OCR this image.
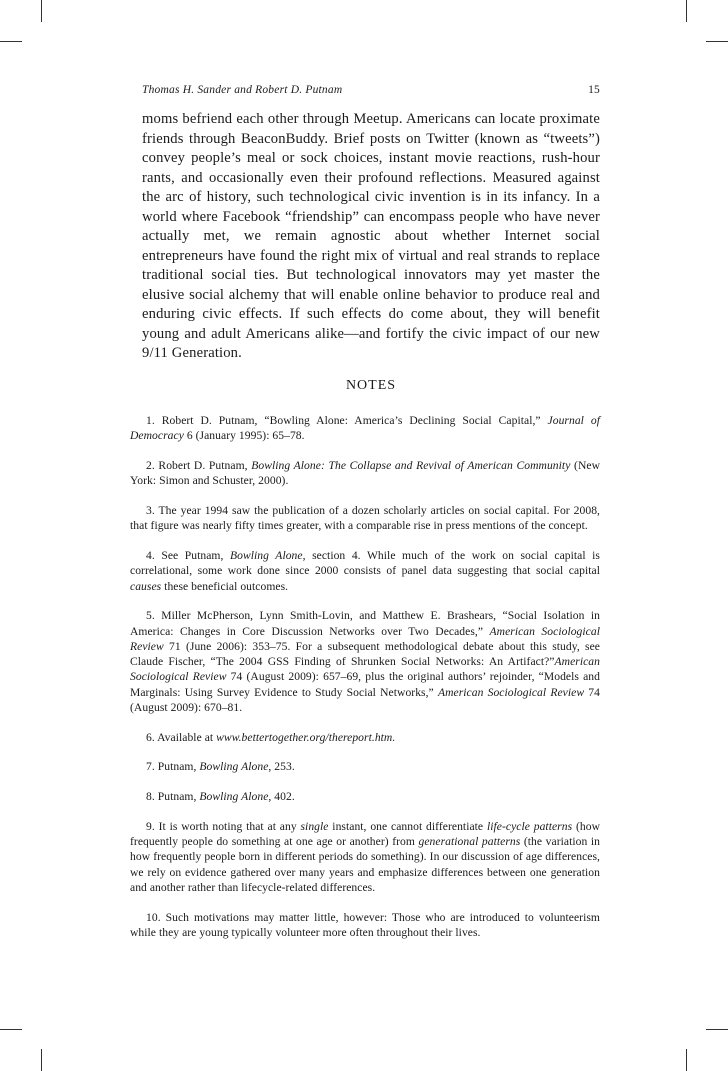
Thomas H. Sander and Robert D. Putnam	15

moms befriend each other through Meetup. Americans can locate proximate friends through BeaconBuddy. Brief posts on Twitter (known as “tweets”) convey people’s meal or sock choices, instant movie reactions, rush-hour rants, and occasionally even their profound reflections. Measured against the arc of history, such technological civic invention is in its infancy. In a world where Facebook “friendship” can encompass people who have never actually met, we remain agnostic about whether Internet social entrepreneurs have found the right mix of virtual and real strands to replace traditional social ties. But technological innovators may yet master the elusive social alchemy that will enable online behavior to produce real and enduring civic effects. If such effects do come about, they will benefit young and adult Americans alike—and fortify the civic impact of our new 9/11 Generation.

NOTES

1. Robert D. Putnam, “Bowling Alone: America’s Declining Social Capital,” Journal of Democracy 6 (January 1995): 65–78.

2. Robert D. Putnam, Bowling Alone: The Collapse and Revival of American Community (New York: Simon and Schuster, 2000).

3. The year 1994 saw the publication of a dozen scholarly articles on social capital. For 2008, that figure was nearly fifty times greater, with a comparable rise in press mentions of the concept.

4. See Putnam, Bowling Alone, section 4. While much of the work on social capital is correlational, some work done since 2000 consists of panel data suggesting that social capital causes these beneficial outcomes.

5. Miller McPherson, Lynn Smith-Lovin, and Matthew E. Brashears, “Social Isolation in America: Changes in Core Discussion Networks over Two Decades,” American Sociological Review 71 (June 2006): 353–75. For a subsequent methodological debate about this study, see Claude Fischer, “The 2004 GSS Finding of Shrunken Social Networks: An Artifact?”American Sociological Review 74 (August 2009): 657–69, plus the original authors’ rejoinder, “Models and Marginals: Using Survey Evidence to Study Social Networks,” American Sociological Review 74 (August 2009): 670–81.

6. Available at www.bettertogether.org/thereport.htm.

7. Putnam, Bowling Alone, 253.

8. Putnam, Bowling Alone, 402.

9. It is worth noting that at any single instant, one cannot differentiate life-cycle patterns (how frequently people do something at one age or another) from generational patterns (the variation in how frequently people born in different periods do something). In our discussion of age differences, we rely on evidence gathered over many years and emphasize differences between one generation and another rather than lifecycle-related differences.

10. Such motivations may matter little, however: Those who are introduced to volunteerism while they are young typically volunteer more often throughout their lives.
